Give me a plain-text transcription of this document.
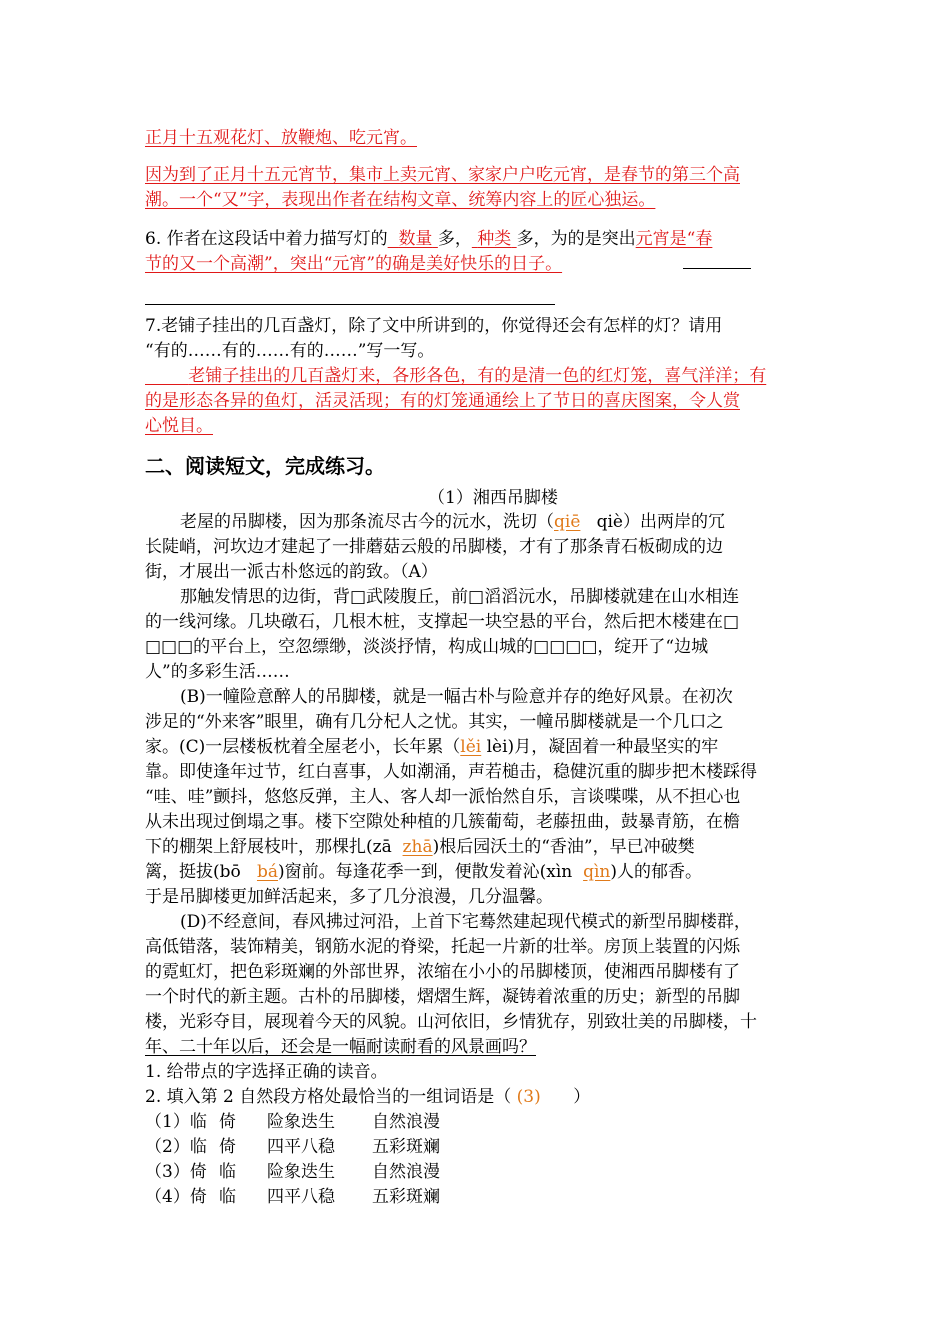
正月十五观花灯、放鞭炮、吃元宵。
因为到了正月十五元宵节，集市上卖元宵、家家户户吃元宵，是春节的第三个高
潮。一个“又”字，表现出作者在结构文章、统筹内容上的匠心独运。
6. 作者在这段话中着力描写灯的 数量 多， 种类 多，为的是突出元宵是“春
节的又一个高潮”，突出“元宵”的确是美好快乐的日子。
7.老铺子挂出的几百盏灯，除了文中所讲到的，你觉得还会有怎样的灯？请用
“有的……有的……有的……”写一写。
老铺子挂出的几百盏灯来，各形各色，有的是清一色的红灯笼，喜气洋洋；有
的是形态各异的鱼灯，活灵活现；有的灯笼通通绘上了节日的喜庆图案，令人赏
心悦目。
二、阅读短文，完成练习。
（1）湘西吊脚楼
老屋的吊脚楼，因为那条流尽古今的沅水，洗切（qiē qiè）出两岸的冗
长陡峭，河坎边才建起了一排蘑菇云般的吊脚楼，才有了那条青石板砌成的边
街，才展出一派古朴悠远的韵致。（A）
那触发情思的边街，背□武陵腹丘，前□滔滔沅水，吊脚楼就建在山水相连
的一线河缘。几块礅石，几根木桩，支撑起一块空悬的平台，然后把木楼建在□
□□□的平台上，空忽缥缈，淡淡抒情，构成山城的□□□□，绽开了“边城
人”的多彩生活……
(B)一幢险意醉人的吊脚楼，就是一幅古朴与险意并存的绝好风景。在初次
涉足的“外来客”眼里，确有几分杞人之忧。其实，一幢吊脚楼就是一个几口之
家。(C)一层楼板枕着全屋老小，长年累（lěi lèi)月，凝固着一种最坚实的牢
靠。即使逢年过节，红白喜事，人如潮涌，声若槌击，稳健沉重的脚步把木楼踩得
“哇、哇”颤抖，悠悠反弹，主人、客人却一派怡然自乐，言谈喋喋，从不担心也
从未出现过倒塌之事。楼下空隙处种植的几簇葡萄，老藤扭曲，鼓暴青筋，在檐
下的棚架上舒展枝叶，那棵扎(zā zhā)根后园沃土的“香油”，早已冲破樊
篱，挺拔(bō bá)窗前。每逢花季一到，便散发着沁(xìn qìn)人的郁香。
于是吊脚楼更加鲜活起来，多了几分浪漫，几分温馨。
(D)不经意间，春风拂过河沿，上首下宅蓦然建起现代模式的新型吊脚楼群，
高低错落，装饰精美，钢筋水泥的脊梁，托起一片新的壮举。房顶上装置的闪烁
的霓虹灯，把色彩斑斓的外部世界，浓缩在小小的吊脚楼顶，使湘西吊脚楼有了
一个时代的新主题。古朴的吊脚楼，熠熠生辉，凝铸着浓重的历史；新型的吊脚
楼，光彩夺目，展现着今天的风貌。山河依旧，乡情犹存，别致壮美的吊脚楼，十
年、二十年以后，还会是一幅耐读耐看的风景画吗？
1. 给带点的字选择正确的读音。
2. 填入第 2 自然段方格处最恰当的一组词语是（ (3) ）
（1）临 倚 险象迭生 自然浪漫
（2）临 倚 四平八稳 五彩斑斓
（3）倚 临 险象迭生 自然浪漫
（4）倚 临 四平八稳 五彩斑斓
